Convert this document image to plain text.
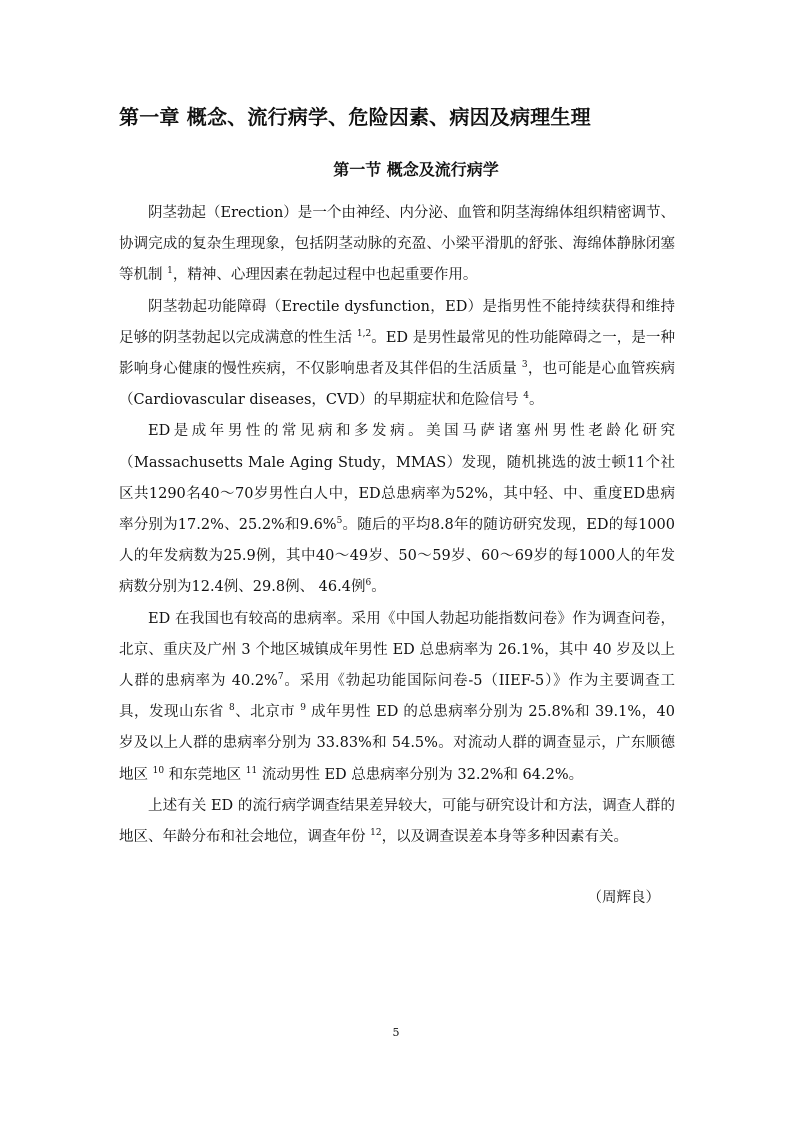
第一章 概念、流行病学、危险因素、病因及病理生理
第一节 概念及流行病学

阴茎勃起（Erection）是一个由神经、内分泌、血管和阴茎海绵体组织精密调节、协调完成的复杂生理现象，包括阴茎动脉的充盈、小梁平滑肌的舒张、海绵体静脉闭塞等机制 $^1$，精神、心理因素在勃起过程中也起重要作用。

阴茎勃起功能障碍（Erectile dysfunction，ED）是指男性不能持续获得和维持足够的阴茎勃起以完成满意的性生活 $^{1,2}$。ED 是男性最常见的性功能障碍之一，是一种影响身心健康的慢性疾病，不仅影响患者及其伴侣的生活质量 $^3$，也可能是心血管疾病（Cardiovascular diseases，CVD）的早期症状和危险信号 $^4$。

ED是成年男性的常见病和多发病。美国马萨诸塞州男性老龄化研究（Massachusetts Male Aging Study，MMAS）发现，随机挑选的波士顿11个社区共1290名40～70岁男性白人中，ED总患病率为52%，其中轻、中、重度ED患病率分别为17.2%、25.2%和9.6%$^5$。随后的平均8.8年的随访研究发现，ED的每1000人的年发病数为25.9例，其中40～49岁、50～59岁、60～69岁的每1000人的年发病数分别为12.4例、29.8例、 46.4例$^6$。

ED 在我国也有较高的患病率。采用《中国人勃起功能指数问卷》作为调查问卷，北京、重庆及广州 3 个地区城镇成年男性 ED 总患病率为 26.1%，其中 40 岁及以上人群的患病率为 40.2%$^7$。采用《勃起功能国际问卷-5（IIEF-5）》作为主要调查工具，发现山东省 $^8$、北京市 $^9$ 成年男性 ED 的总患病率分别为 25.8%和 39.1%，40 岁及以上人群的患病率分别为 33.83%和 54.5%。对流动人群的调查显示，广东顺德地区 $^{10}$ 和东莞地区 $^{11}$ 流动男性 ED 总患病率分别为 32.2%和 64.2%。

上述有关 ED 的流行病学调查结果差异较大，可能与研究设计和方法，调查人群的地区、年龄分布和社会地位，调查年份 $^{12}$，以及调查误差本身等多种因素有关。

（周辉良）
5
